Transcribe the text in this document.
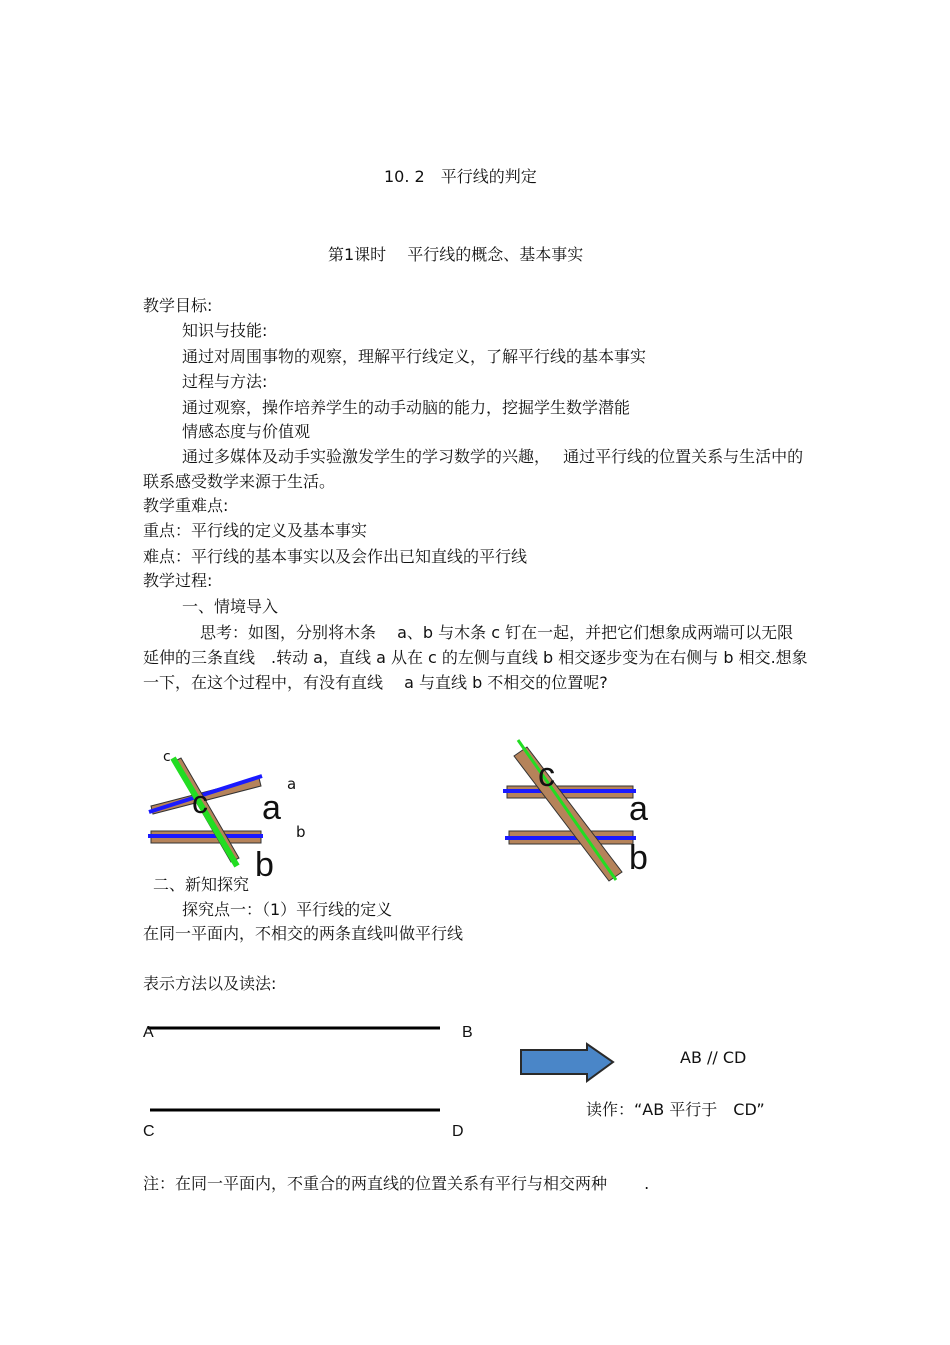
10. 2　平行线的判定
第1课时　 平行线的概念、基本事实
教学目标:
知识与技能:
通过对周围事物的观察，理解平行线定义，了解平行线的基本事实
过程与方法:
通过观察，操作培养学生的动手动脑的能力，挖掘学生数学潜能
情感态度与价值观
通过多媒体及动手实验激发学生的学习数学的兴趣，　 通过平行线的位置关系与生活中的联系感受数学来源于生活。
教学重难点:
重点：平行线的定义及基本事实
难点：平行线的基本事实以及会作出已知直线的平行线
教学过程:
一、情境导入
思考：如图，分别将木条　 a、b 与木条 c 钉在一起，并把它们想象成两端可以无限延伸的三条直线　.转动 a，直线 a 从在 c 的左侧与直线 b 相交逐步变为在右侧与 b 相交.想象一下，在这个过程中，有没有直线　 a 与直线 b 不相交的位置呢?
c
c	a
a
b
b
c
a
b
二、新知探究
探究点一：（1）平行线的定义
在同一平面内，不相交的两条直线叫做平行线
表示方法以及读法:
A	B
C	D
AB ∕∕ CD
读作：“AB 平行于　CD”
注：在同一平面内，不重合的两直线的位置关系有平行与相交两种　　 .
